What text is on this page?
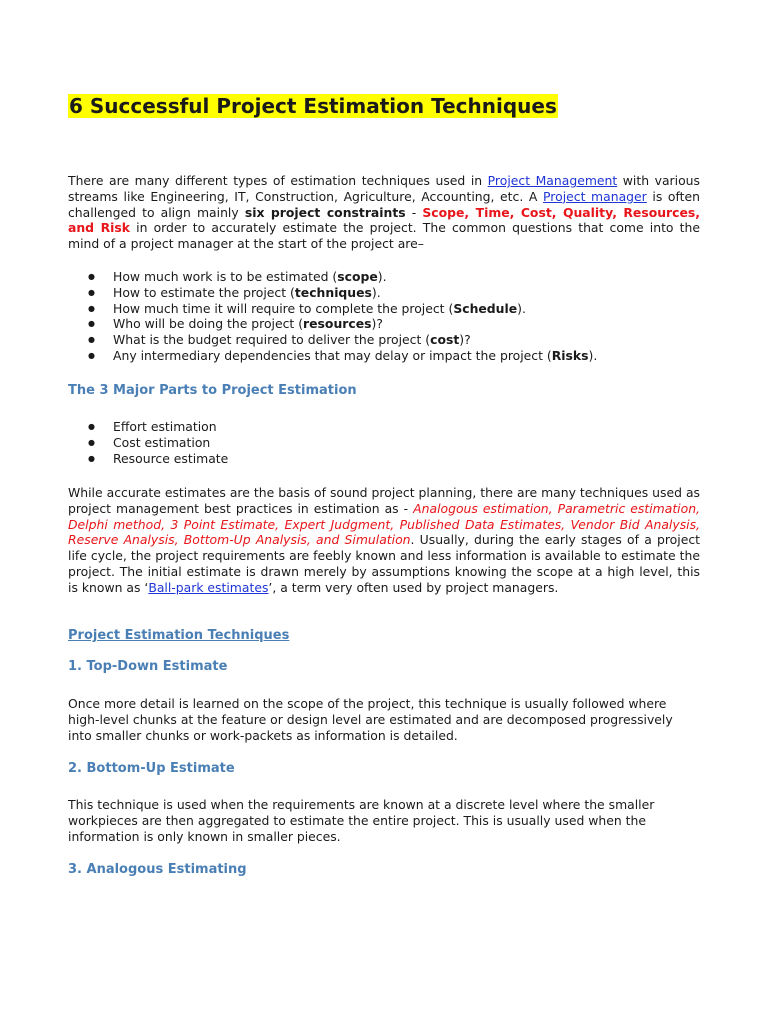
6 Successful Project Estimation Techniques

There are many different types of estimation techniques used in Project Management with various streams like Engineering, IT, Construction, Agriculture, Accounting, etc. A Project manager is often challenged to align mainly six project constraints - Scope, Time, Cost, Quality, Resources, and Risk in order to accurately estimate the project. The common questions that come into the mind of a project manager at the start of the project are–

● How much work is to be estimated (scope).
● How to estimate the project (techniques).
● How much time it will require to complete the project (Schedule).
● Who will be doing the project (resources)?
● What is the budget required to deliver the project (cost)?
● Any intermediary dependencies that may delay or impact the project (Risks).
The 3 Major Parts to Project Estimation
● Effort estimation
● Cost estimation
● Resource estimate

While accurate estimates are the basis of sound project planning, there are many techniques used as project management best practices in estimation as - Analogous estimation, Parametric estimation, Delphi method, 3 Point Estimate, Expert Judgment, Published Data Estimates, Vendor Bid Analysis, Reserve Analysis, Bottom-Up Analysis, and Simulation. Usually, during the early stages of a project life cycle, the project requirements are feebly known and less information is available to estimate the project. The initial estimate is drawn merely by assumptions knowing the scope at a high level, this is known as ‘Ball-park estimates’, a term very often used by project managers.

Project Estimation Techniques
1. Top-Down Estimate

Once more detail is learned on the scope of the project, this technique is usually followed where high-level chunks at the feature or design level are estimated and are decomposed progressively into smaller chunks or work-packets as information is detailed.

2. Bottom-Up Estimate

This technique is used when the requirements are known at a discrete level where the smaller workpieces are then aggregated to estimate the entire project. This is usually used when the information is only known in smaller pieces.

3. Analogous Estimating
